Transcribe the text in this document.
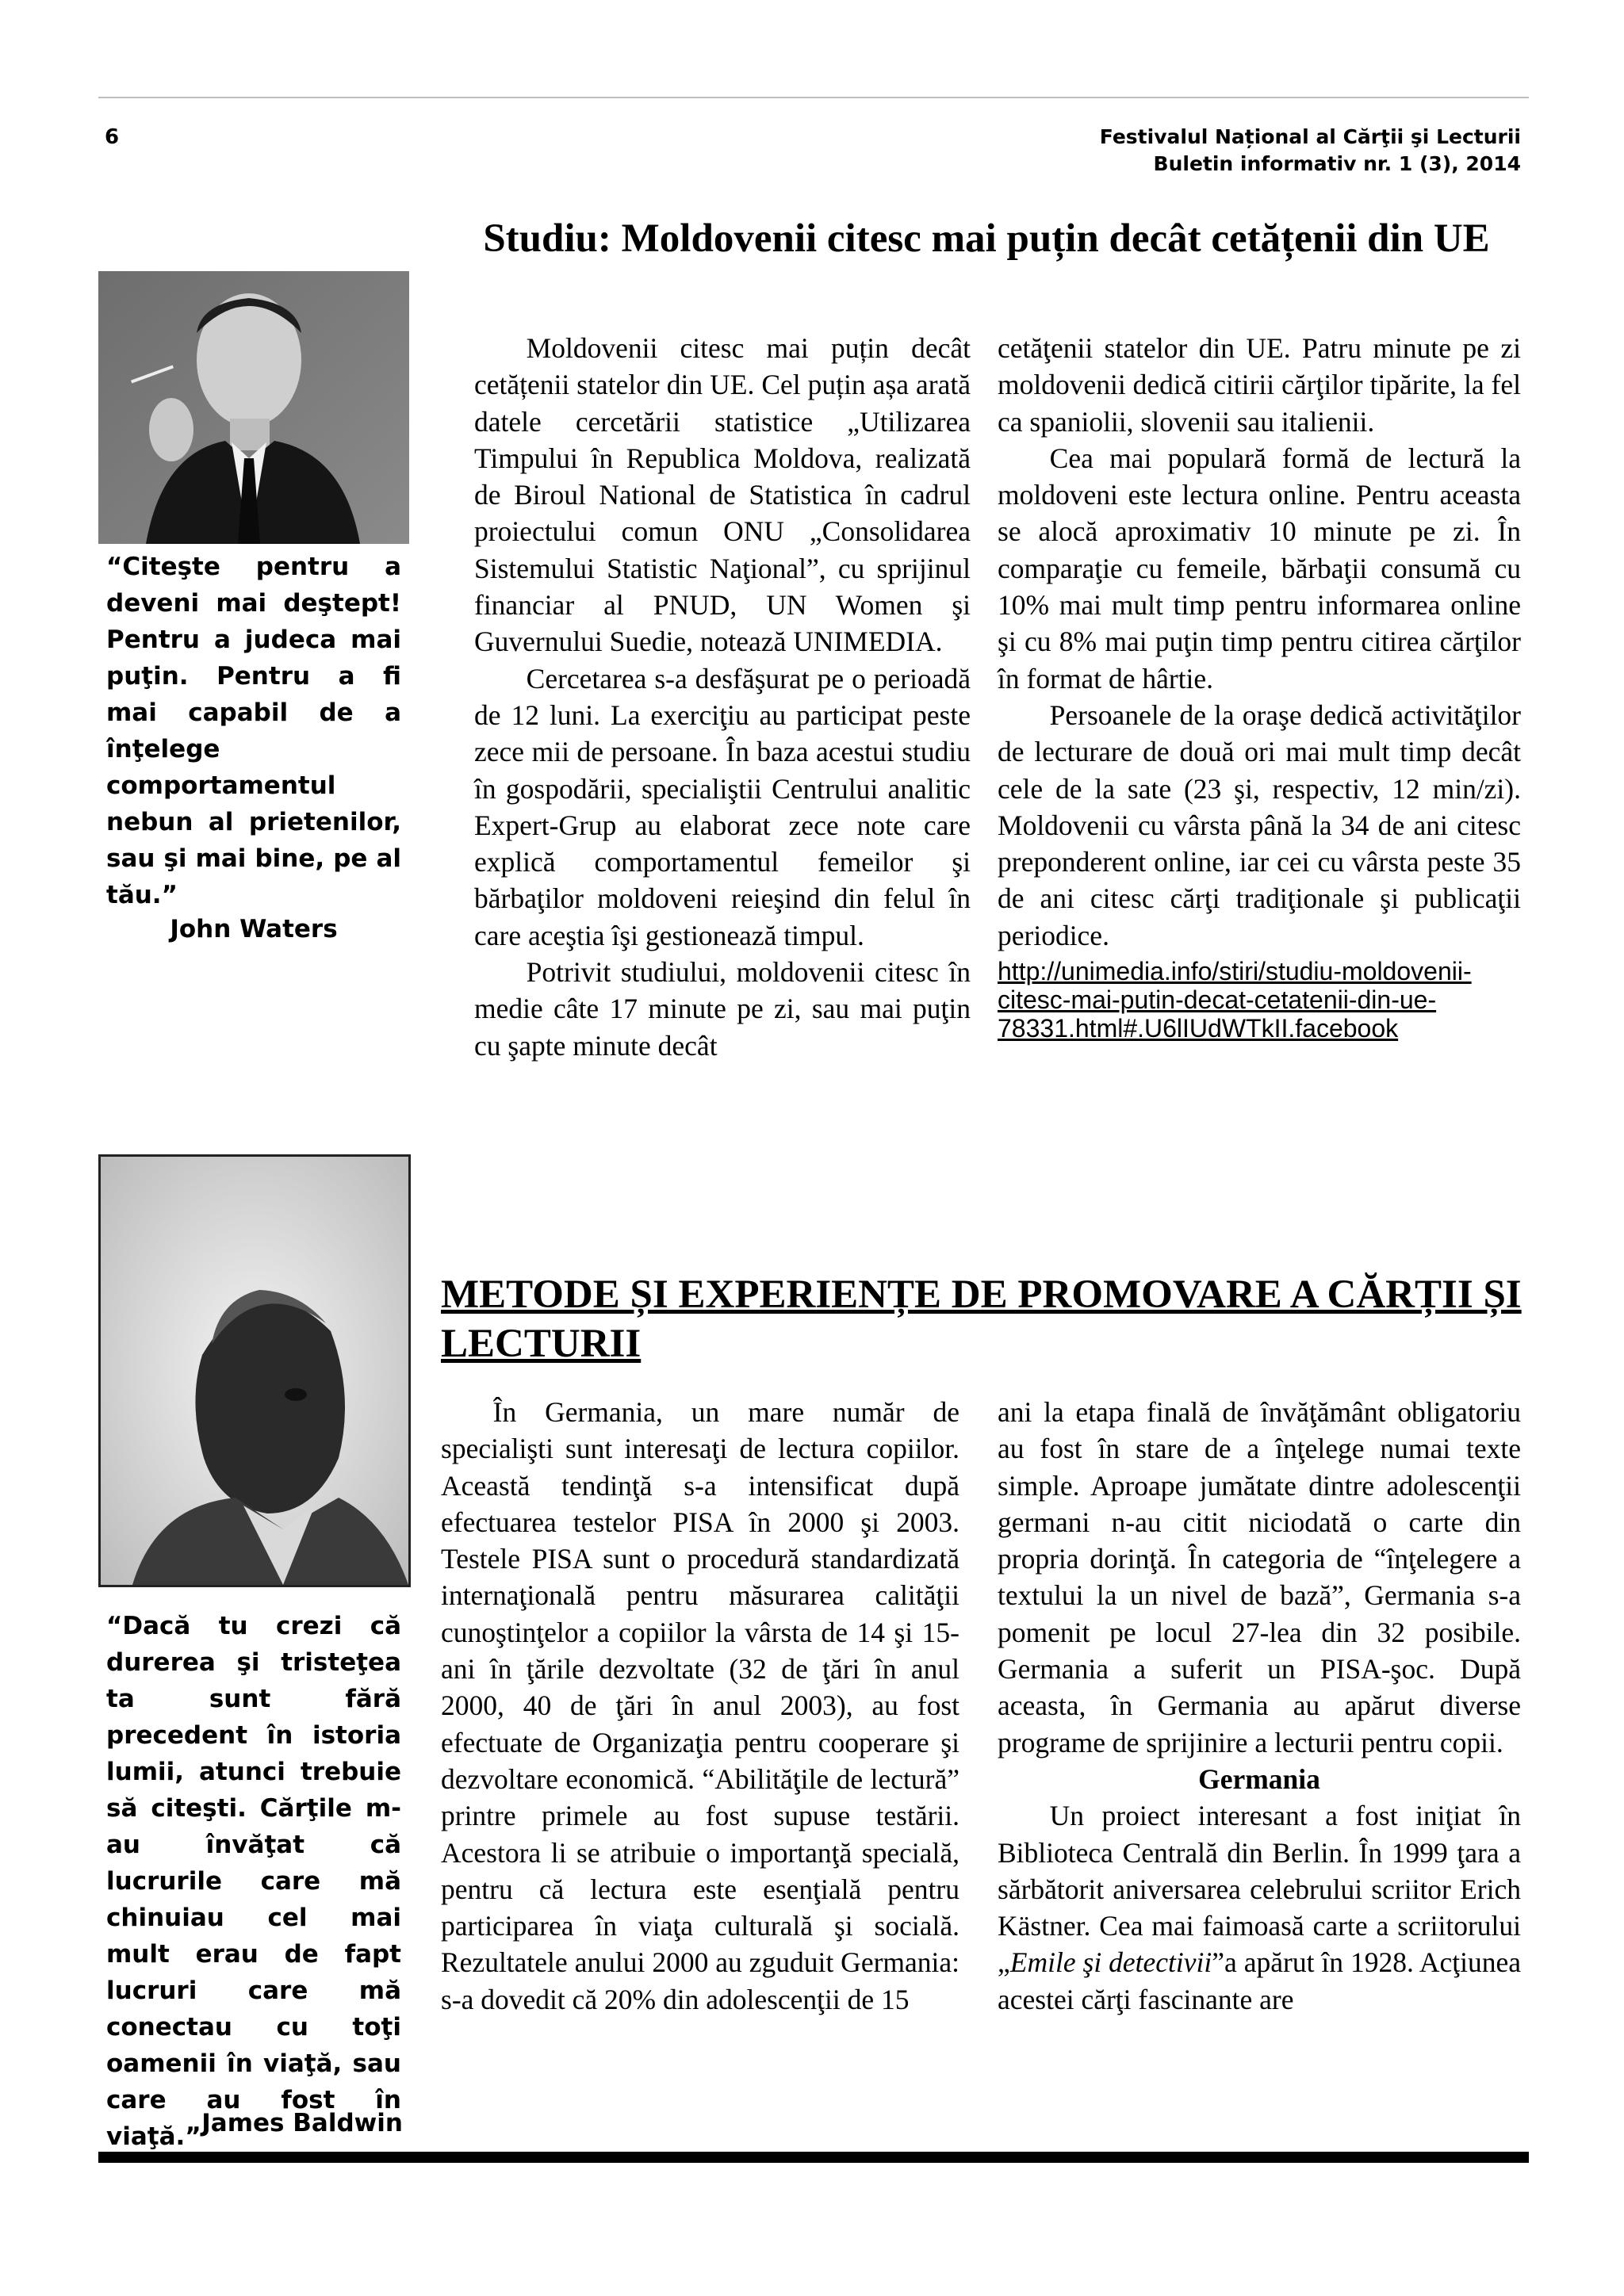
6	Festivalul Național al Cărţii şi Lecturii
Buletin informativ nr. 1 (3), 2014
“Citeşte pentru a deveni mai deştept! Pentru a judeca mai puţin. Pentru a fi mai capabil de a înţelege comportamentul nebun al prietenilor, sau şi mai bine, pe al tău.”
John Waters
“Dacă tu crezi că durerea şi tristeţea ta sunt fără precedent în istoria lumii, atunci trebuie să citeşti. Cărţile m-au învăţat că lucrurile care mă chinuiau cel mai mult erau de fapt lucruri care mă conectau cu toţi oamenii în viaţă, sau care au fost în viaţă.” James Baldwin
Studiu: Moldovenii citesc mai puțin decât cetățenii din UE

Moldovenii citesc mai puțin decât cetățenii statelor din UE. Cel puțin așa arată datele cercetării statistice „Utilizarea Timpului în Republica Moldova, realizată de Biroul National de Statistica în cadrul proiectului comun ONU „Consolidarea Sistemului Statistic Naţional”, cu sprijinul financiar al PNUD, UN Women şi Guvernului Suedie, notează UNIMEDIA.

Cercetarea s-a desfăşurat pe o perioadă de 12 luni. La exerciţiu au participat peste zece mii de persoane. În baza acestui studiu în gospodării, specialiştii Centrului analitic Expert-Grup au elaborat zece note care explică comportamentul femeilor şi bărbaţilor moldoveni reieşind din felul în care aceştia îşi gestionează timpul.

Potrivit studiului, moldovenii citesc în medie câte 17 minute pe zi, sau mai puţin cu şapte minute decât

cetăţenii statelor din UE. Patru minute pe zi moldovenii dedică citirii cărţilor tipărite, la fel ca spaniolii, slovenii sau italienii.

Cea mai populară formă de lectură la moldoveni este lectura online. Pentru aceasta se alocă aproximativ 10 minute pe zi. În comparaţie cu femeile, bărbaţii consumă cu 10% mai mult timp pentru informarea online şi cu 8% mai puţin timp pentru citirea cărţilor în format de hârtie.

Persoanele de la oraşe dedică activităţilor de lecturare de două ori mai mult timp decât cele de la sate (23 şi, respectiv, 12 min/zi). Moldovenii cu vârsta până la 34 de ani citesc preponderent online, iar cei cu vârsta peste 35 de ani citesc cărţi tradiţionale şi publicaţii periodice.

http://unimedia.info/stiri/studiu-moldovenii-citesc-mai-putin-decat-cetatenii-din-ue-78331.html#.U6lIUdWTkII.facebook
METODE ȘI EXPERIENȚE DE PROMOVARE A CĂRȚII ȘI LECTURII

În Germania, un mare număr de specialişti sunt interesaţi de lectura copiilor. Această tendinţă s-a intensificat după efectuarea testelor PISA în 2000 şi 2003. Testele PISA sunt o procedură standardizată internaţională pentru măsurarea calităţii cunoştinţelor a copiilor la vârsta de 14 şi 15-ani în ţările dezvoltate (32 de ţări în anul 2000, 40 de ţări în anul 2003), au fost efectuate de Organizaţia pentru cooperare şi dezvoltare economică. “Abilităţile de lectură” printre primele au fost supuse testării. Acestora li se atribuie o importanţă specială, pentru că lectura este esenţială pentru participarea în viaţa culturală şi socială. Rezultatele anului 2000 au zguduit Germania: s-a dovedit că 20% din adolescenţii de 15

ani la etapa finală de învăţământ obligatoriu au fost în stare de a înţelege numai texte simple. Aproape jumătate dintre adolescenţii germani n-au citit niciodată o carte din propria dorinţă. În categoria de “înţelegere a textului la un nivel de bază”, Germania s-a pomenit pe locul 27-lea din 32 posibile. Germania a suferit un PISA-şoc. După aceasta, în Germania au apărut diverse programe de sprijinire a lecturii pentru copii.

Germania

Un proiect interesant a fost iniţiat în Biblioteca Centrală din Berlin. În 1999 ţara a sărbătorit aniversarea celebrului scriitor Erich Kästner. Cea mai faimoasă carte a scriitorului „Emile şi detectivii”a apărut în 1928. Acţiunea acestei cărţi fascinante are
